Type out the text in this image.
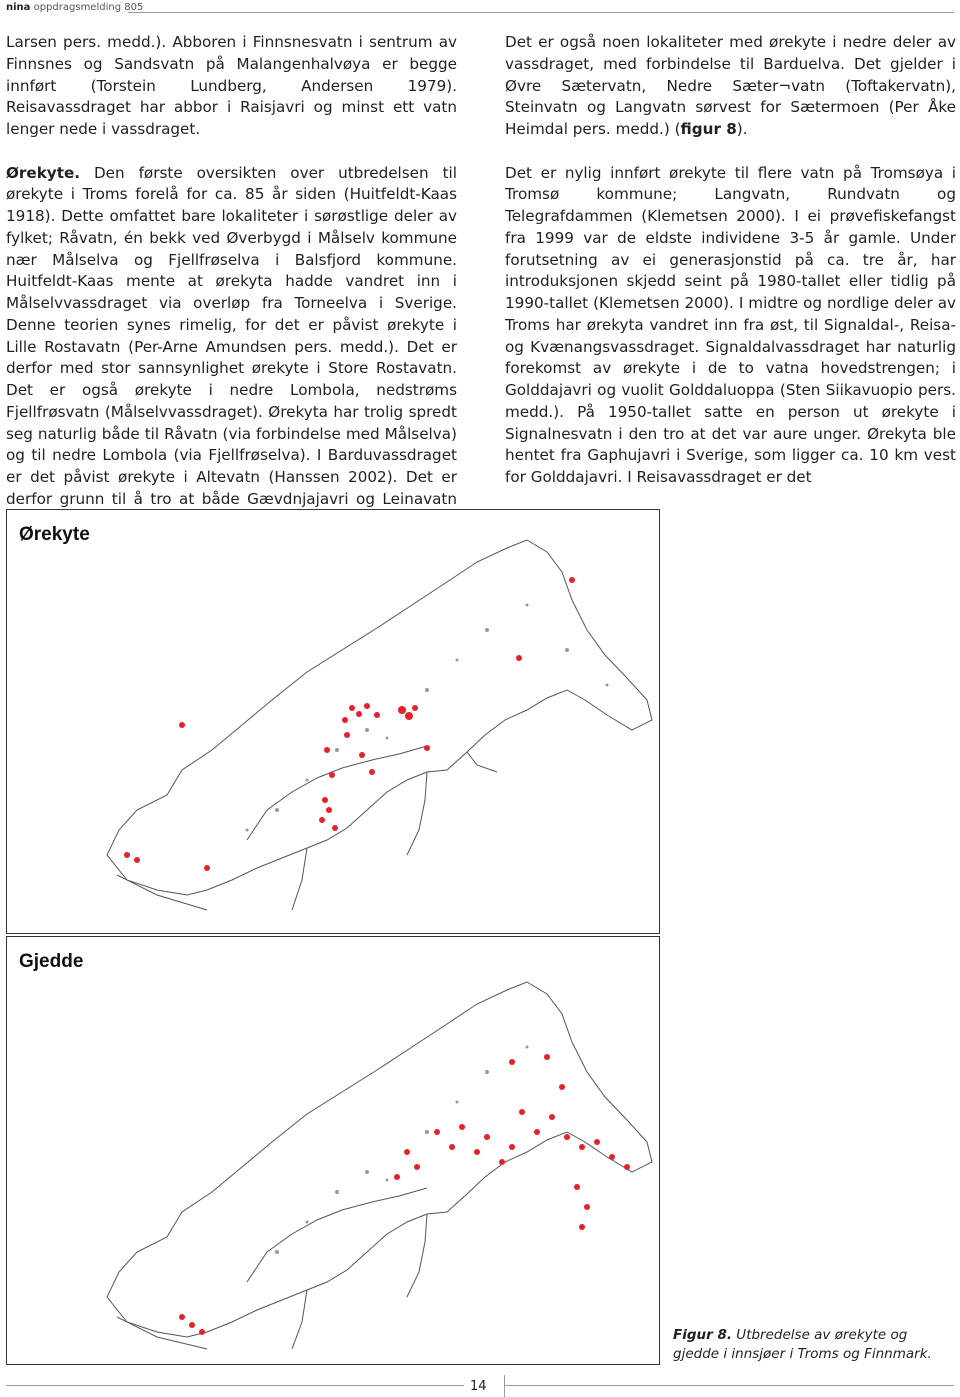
nina oppdragsmelding 805

Larsen pers. medd.). Abboren i Finnsnesvatn i sentrum av Finnsnes og Sandsvatn på Malangenhalvøya er begge innført (Torstein Lundberg, Andersen 1979). Reisavassdraget har abbor i Raisjavri og minst ett vatn lenger nede i vassdraget.

Ørekyte. Den første oversikten over utbredelsen til ørekyte i Troms forelå for ca. 85 år siden (Huitfeldt-Kaas 1918). Dette omfattet bare lokaliteter i sørøstlige deler av fylket; Råvatn, én bekk ved Øverbygd i Målselv kommune nær Målselva og Fjellfrøselva i Balsfjord kommune. Huitfeldt-Kaas mente at ørekyta hadde vandret inn i Målselvvassdraget via overløp fra Torneelva i Sverige. Denne teorien synes rimelig, for det er påvist ørekyte i Lille Rostavatn (Per-Arne Amundsen pers. medd.). Det er derfor med stor sannsynlighet ørekyte i Store Rostavatn. Det er også ørekyte i nedre Lombola, nedstrøms Fjellfrøsvatn (Målselvvassdraget). Ørekyta har trolig spredt seg naturlig både til Råvatn (via forbindelse med Målselva) og til nedre Lombola (via Fjellfrøselva). I Barduvassdraget er det påvist ørekyte i Altevatn (Hanssen 2002). Det er derfor grunn til å tro at både Gævdnjajavri og Leinavatn

Det er også noen lokaliteter med ørekyte i nedre deler av vassdraget, med forbindelse til Barduelva. Det gjelder i Øvre Sætervatn, Nedre Sæter¬vatn (Toftakervatn), Steinvatn og Langvatn sørvest for Sætermoen (Per Åke Heimdal pers. medd.) (figur 8).

Det er nylig innført ørekyte til flere vatn på Tromsøya i Tromsø kommune; Langvatn, Rundvatn og Telegrafdammen (Klemetsen 2000). I ei prøvefiskefangst fra 1999 var de eldste individene 3-5 år gamle. Under forutsetning av ei generasjonstid på ca. tre år, har introduksjonen skjedd seint på 1980-tallet eller tidlig på 1990-tallet (Klemetsen 2000). I midtre og nordlige deler av Troms har ørekyta vandret inn fra øst, til Signaldal-, Reisa- og Kvænangsvassdraget. Signaldalvassdraget har naturlig forekomst av ørekyte i de to vatna hovedstrengen; i Golddajavri og vuolit Golddaluoppa (Sten Siikavuopio pers. medd.). På 1950-tallet satte en person ut ørekyte i Signalnesvatn i den tro at det var aure unger. Ørekyta ble hentet fra Gaphujavri i Sverige, som ligger ca. 10 km vest for Golddajavri. I Reisavassdraget er det

Ørekyte
Gjedde
Figur 8. Utbredelse av ørekyte og gjedde i innsjøer i Troms og Finnmark.
14
